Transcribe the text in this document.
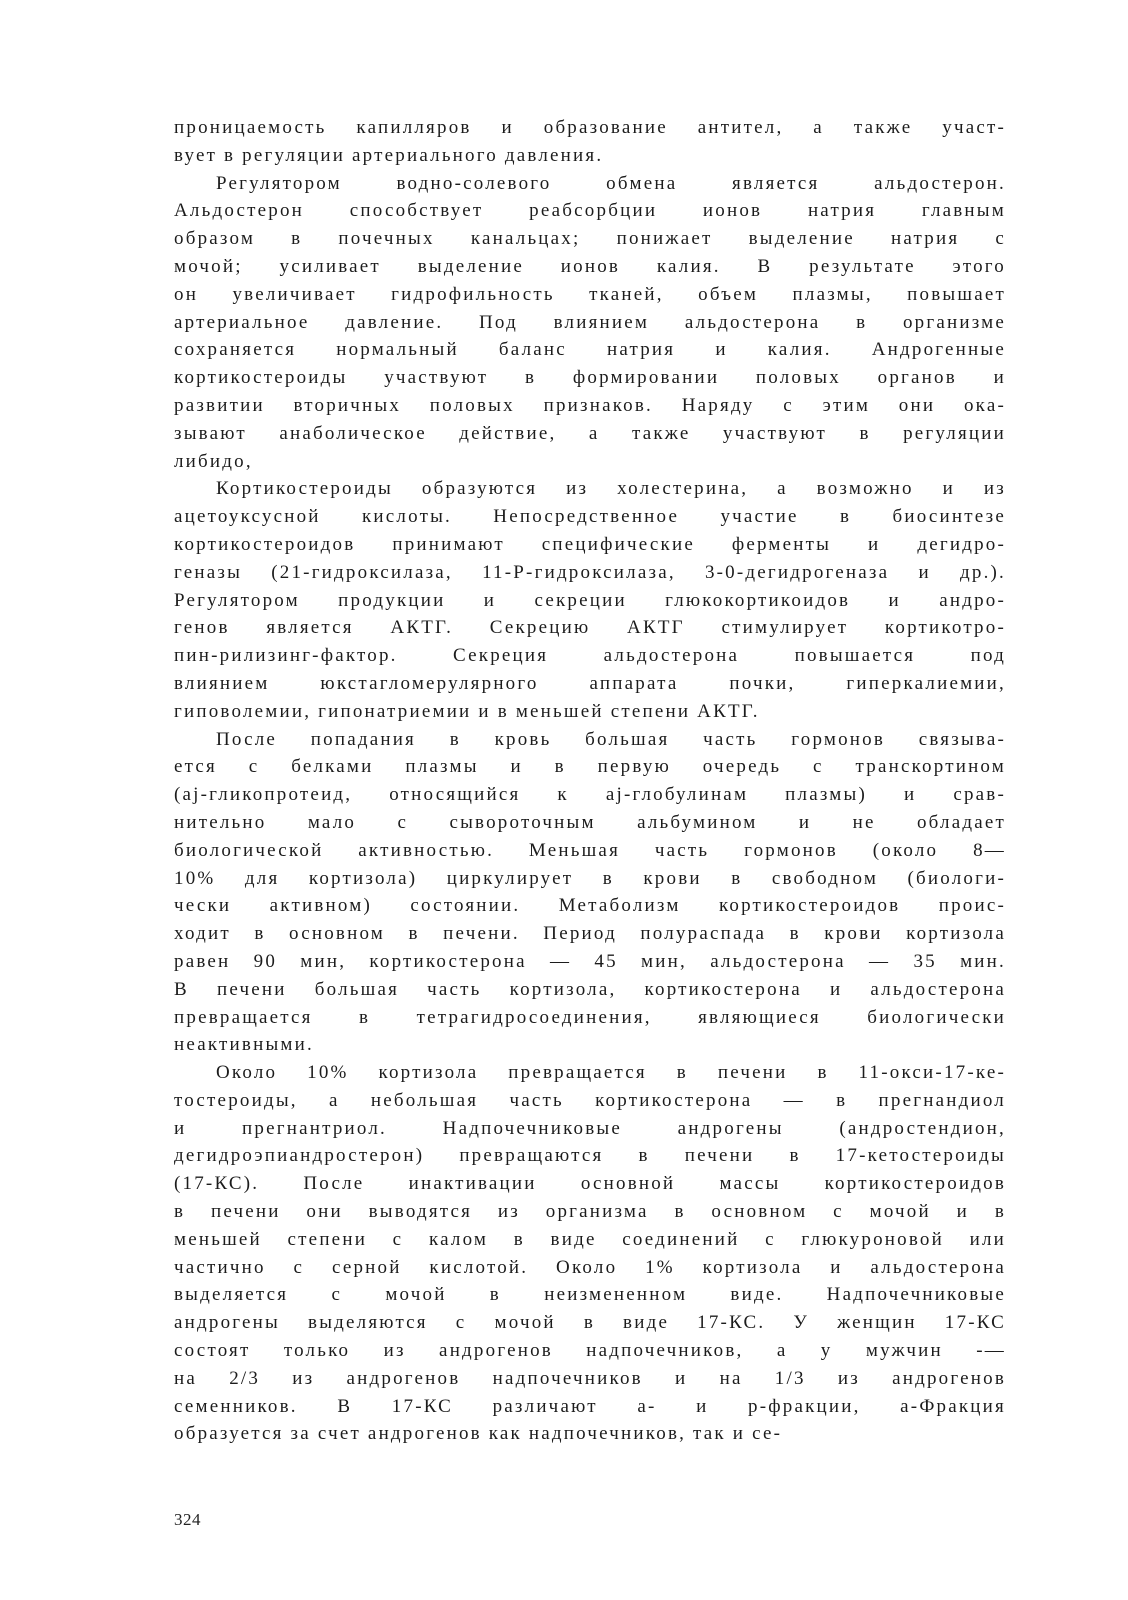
проницаемость капилляров и образование антител, а также участ-
вует в регуляции артериального давления.
Регулятором водно-солевого обмена является альдостерон.
Альдостерон способствует реабсорбции ионов натрия главным
образом в почечных канальцах; понижает выделение натрия с
мочой; усиливает выделение ионов калия. В результате этого
он увеличивает гидрофильность тканей, объем плазмы, повышает
артериальное давление. Под влиянием альдостерона в организме
сохраняется нормальный баланс натрия и калия. Андрогенные
кортикостероиды участвуют в формировании половых органов и
развитии вторичных половых признаков. Наряду с этим они ока-
зывают анаболическое действие, а также участвуют в регуляции
либидо,
Кортикостероиды образуются из холестерина, а возможно и из
ацетоуксусной кислоты. Непосредственное участие в биосинтезе
кортикостероидов принимают специфические ферменты и дегидро-
геназы (21-гидроксилаза, 11-Р-гидроксилаза, 3-0-дегидрогеназа и др.).
Регулятором продукции и секреции глюкокортикоидов и андро-
генов является АКТГ. Секрецию АКТГ стимулирует кортикотро-
пин-рилизинг-фактор. Секреция альдостерона повышается под
влиянием юкстагломерулярного аппарата почки, гиперкалиемии,
гиповолемии, гипонатриемии и в меньшей степени АКТГ.
После попадания в кровь большая часть гормонов связыва-
ется с белками плазмы и в первую очередь с транскортином
(aj-гликопротеид, относящийся к aj-глобулинам плазмы) и срав-
нительно мало с сывороточным альбумином и не обладает
биологической активностью. Меньшая часть гормонов (около 8—
10% для кортизола) циркулирует в крови в свободном (биологи-
чески активном) состоянии. Метаболизм кортикостероидов проис-
ходит в основном в печени. Период полураспада в крови кортизола
равен 90 мин, кортикостерона — 45 мин, альдостерона — 35 мин.
В печени большая часть кортизола, кортикостерона и альдостерона
превращается в тетрагидросоединения, являющиеся биологически
неактивными.
Около 10% кортизола превращается в печени в 11-окси-17-ке-
тостероиды, а небольшая часть кортикостерона — в прегнандиол
и прегнантриол. Надпочечниковые андрогены (андростендион,
дегидроэпиандростерон) превращаются в печени в 17-кетостероиды
(17-КС). После инактивации основной массы кортикостероидов
в печени они выводятся из организма в основном с мочой и в
меньшей степени с калом в виде соединений с глюкуроновой или
частично с серной кислотой. Около 1% кортизола и альдостерона
выделяется с мочой в неизмененном виде. Надпочечниковые
андрогены выделяются с мочой в виде 17-КС. У женщин 17-КС
состоят только из андрогенов надпочечников, а у мужчин -—
на 2/3 из андрогенов надпочечников и на 1/3 из андрогенов
семенников. В 17-КС различают а- и р-фракции, а-Фракция
образуется за счет андрогенов как надпочечников, так и се-
324
